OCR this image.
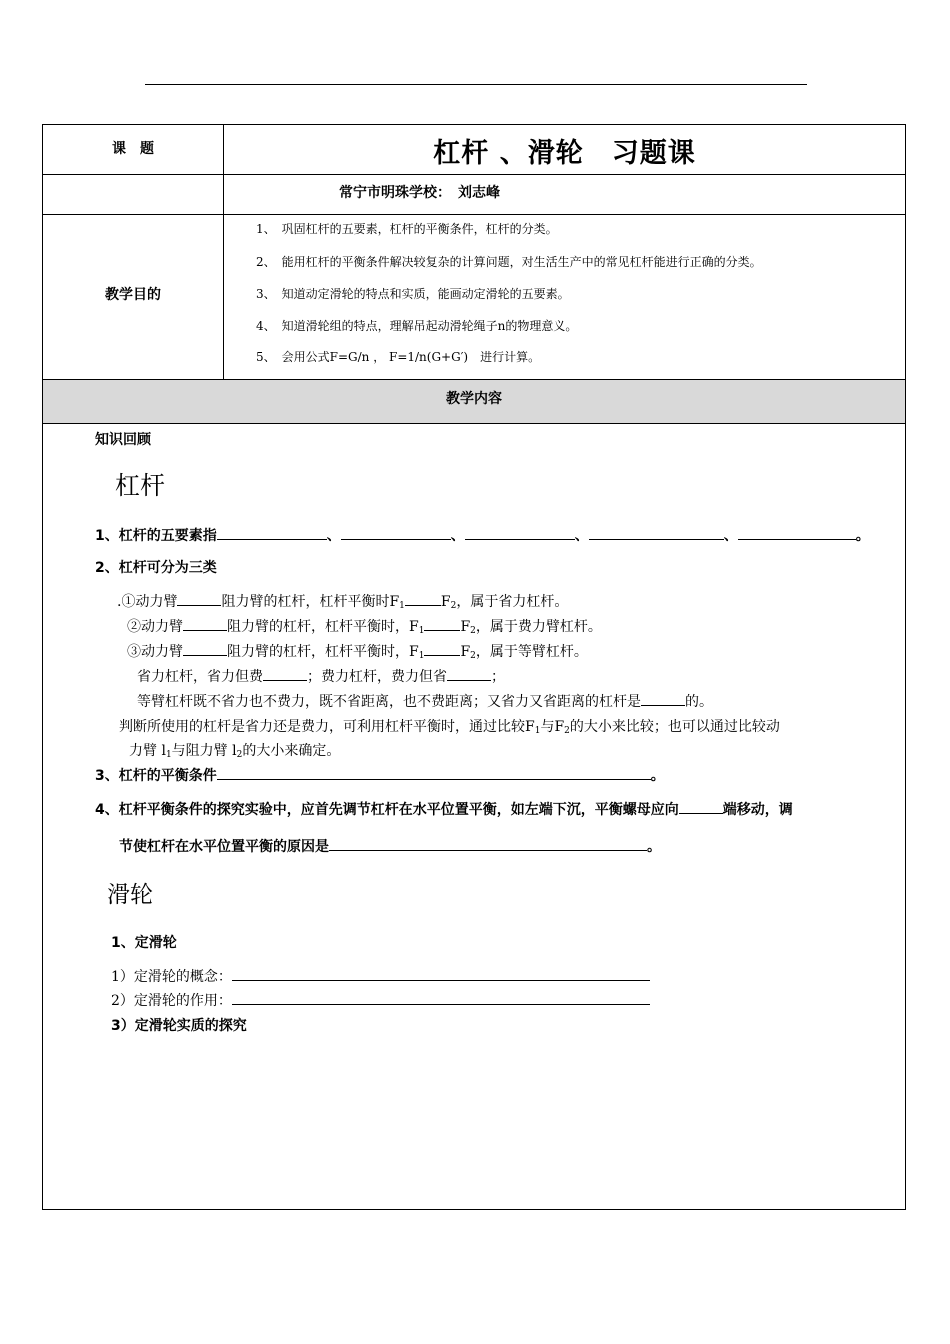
课　题	杠杆 、滑轮　习题课
常宁市明珠学校：　刘志峰
教学目的
1、　巩固杠杆的五要素，杠杆的平衡条件，杠杆的分类。
2、　能用杠杆的平衡条件解决较复杂的计算问题，对生活生产中的常见杠杆能进行正确的分类。
3、　知道动定滑轮的特点和实质，能画动定滑轮的五要素。
4、　知道滑轮组的特点，理解吊起动滑轮绳子n的物理意义。
5、　会用公式F=G/n ， F=1/n(G+G′)　进行计算。
教学内容
知识回顾
杠杆
1、杠杆的五要素指	、	、	、	、	。
2、杠杆可分为三类
.①动力臂	阻力臂的杠杆，杠杆平衡时$F_1$	$F_2$，属于省力杠杆。
②动力臂	阻力臂的杠杆，杠杆平衡时，$F_1$	$F_2$，属于费力臂杠杆。
③动力臂	阻力臂的杠杆，杠杆平衡时，$F_1$	$F_2$，属于等臂杠杆。
省力杠杆，省力但费	；费力杠杆，费力但省	；
等臂杠杆既不省力也不费力，既不省距离，也不费距离；又省力又省距离的杠杆是	的。
判断所使用的杠杆是省力还是费力，可利用杠杆平衡时，通过比较$F_1$与$F_2$的大小来比较；也可以通过比较动
力臂 $l_1$与阻力臂 $l_2$的大小来确定。
3、杠杆的平衡条件	。
4、杠杆平衡条件的探究实验中，应首先调节杠杆在水平位置平衡，如左端下沉，平衡螺母应向	端移动，调
节使杠杆在水平位置平衡的原因是	。
滑轮
1、定滑轮
1）定滑轮的概念：
2）定滑轮的作用：
3）定滑轮实质的探究
